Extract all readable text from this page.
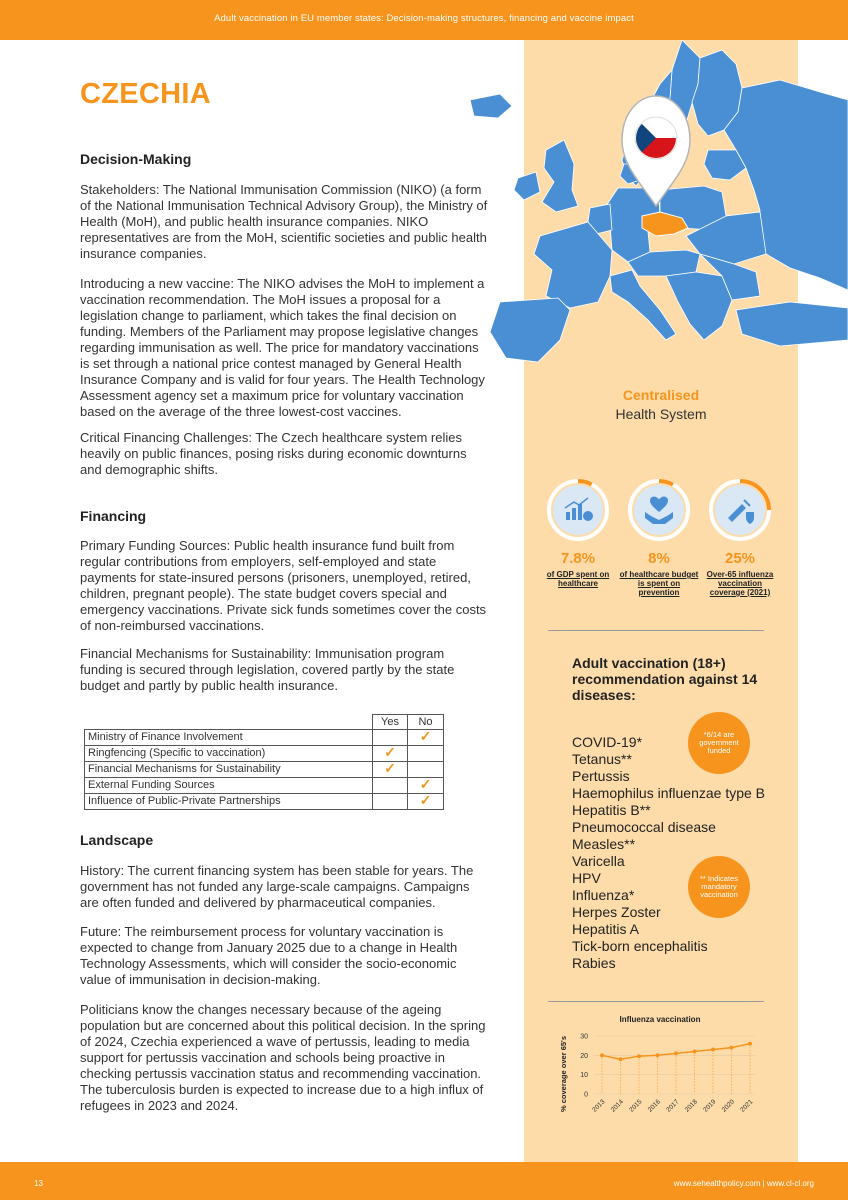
Adult vaccination in EU member states: Decision-making structures, financing and vaccine impact
CZECHIA
Decision-Making

Stakeholders: The National Immunisation Commission (NIKO) (a form of the National Immunisation Technical Advisory Group), the Ministry of Health (MoH), and public health insurance companies. NIKO representatives are from the MoH, scientific societies and public health insurance companies.

Introducing a new vaccine: The NIKO advises the MoH to implement a vaccination recommendation. The MoH issues a proposal for a legislation change to parliament, which takes the final decision on funding. Members of the Parliament may propose legislative changes regarding immunisation as well. The price for mandatory vaccinations is set through a national price contest managed by General Health Insurance Company and is valid for four years. The Health Technology Assessment agency set a maximum price for voluntary vaccination based on the average of the three lowest-cost vaccines.

Critical Financing Challenges: The Czech healthcare system relies heavily on public finances, posing risks during economic downturns and demographic shifts.

Financing

Primary Funding Sources: Public health insurance fund built from regular contributions from employers, self-employed and state payments for state-insured persons (prisoners, unemployed, retired, children, pregnant people). The state budget covers special and emergency vaccinations. Private sick funds sometimes cover the costs of non-reimbursed vaccinations.

Financial Mechanisms for Sustainability: Immunisation program funding is secured through legislation, covered partly by the state budget and partly by public health insurance.

	Yes	No
Ministry of Finance Involvement		✓
Ringfencing (Specific to vaccination)	✓	
Financial Mechanisms for Sustainability	✓	
External Funding Sources		✓
Influence of Public-Private Partnerships		✓
Landscape

History: The current financing system has been stable for years. The government has not funded any large-scale campaigns. Campaigns are often funded and delivered by pharmaceutical companies.

Future: The reimbursement process for voluntary vaccination is expected to change from January 2025 due to a change in Health Technology Assessments, which will consider the socio-economic value of immunisation in decision-making.

Politicians know the changes necessary because of the ageing population but are concerned about this political decision. In the spring of 2024, Czechia experienced a wave of pertussis, leading to media support for pertussis vaccination and schools being proactive in checking pertussis vaccination status and recommending vaccination. The tuberculosis burden is expected to increase due to a high influx of refugees in 2023 and 2024.

Centralised
Health System
7.8%
of GDP spent on healthcare
8%
of healthcare budget is spent on prevention
25%
Over-65 influenza vaccination coverage (2021)
Adult vaccination (18+) recommendation against 14 diseases:
COVID-19*
Tetanus**
Pertussis
Haemophilus influenzae type B
Hepatitis B**
Pneumococcal disease
Measles**
Varicella
HPV
Influenza*
Herpes Zoster
Hepatitis A
Tick-born encephalitis
Rabies
*6/14 are government funded
** Indicates mandatory vaccination
Influenza vaccination
% coverage over 65's 0
10
20
30
2013 2014 2015 2016 2017 2018 2019 2020 2021
13	www.sehealthpolicy.com | www.cl-cl.org
